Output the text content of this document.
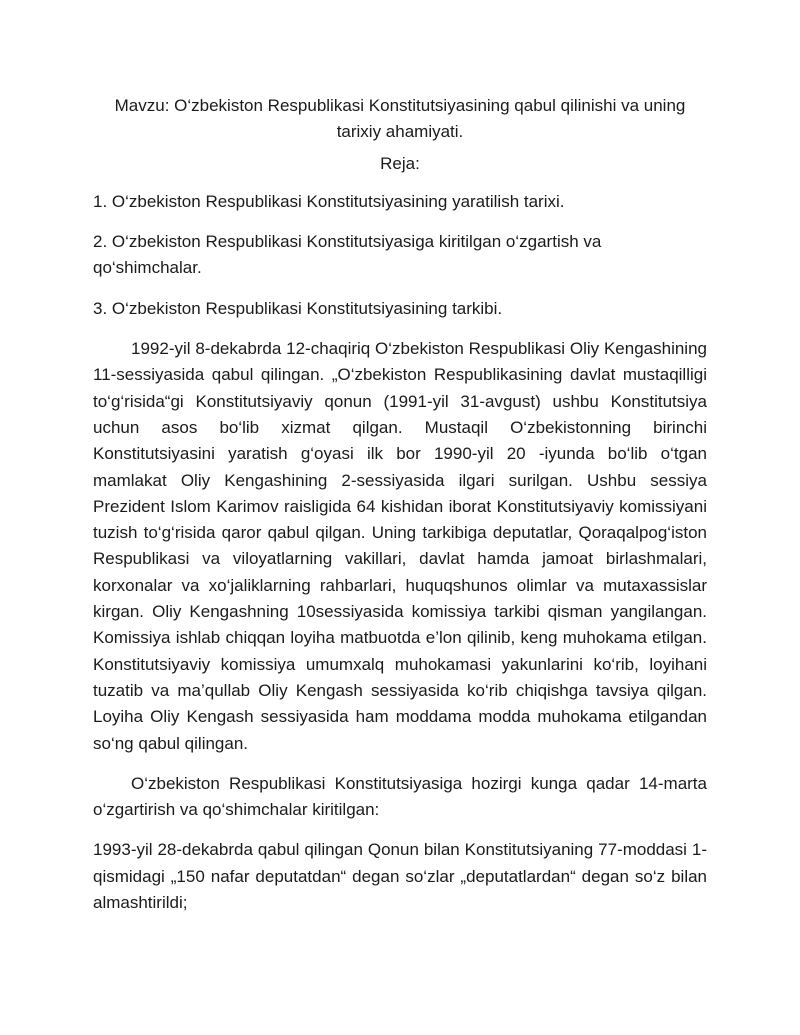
Mavzu: O‘zbekiston Respublikasi Konstitutsiyasining qabul qilinishi va uning tarixiy ahamiyati.
Reja:
1. O‘zbekiston Respublikasi Konstitutsiyasining yaratilish tarixi.
2. O‘zbekiston Respublikasi Konstitutsiyasiga kiritilgan o‘zgartish va qo‘shimchalar.
3. O‘zbekiston Respublikasi Konstitutsiyasining tarkibi.

1992-yil 8-dekabrda 12-chaqiriq O‘zbekiston Respublikasi Oliy Kengashining 11-sessiyasida qabul qilingan. „O‘zbekiston Respublikasining davlat mustaqilligi to‘g‘risida“gi Konstitutsiyaviy qonun (1991-yil 31-avgust) ushbu Konstitutsiya uchun asos bo‘lib xizmat qilgan. Mustaqil O‘zbekistonning birinchi Konstitutsiyasini yaratish g‘oyasi ilk bor 1990-yil 20 -iyunda bo‘lib o‘tgan mamlakat Oliy Kengashining 2-sessiyasida ilgari surilgan. Ushbu sessiya Prezident Islom Karimov raisligida 64 kishidan iborat Konstitutsiyaviy komissiyani tuzish to‘g‘risida qaror qabul qilgan. Uning tarkibiga deputatlar, Qoraqalpog‘iston Respublikasi va viloyatlarning vakillari, davlat hamda jamoat birlashmalari, korxonalar va xo‘jaliklarning rahbarlari, huquqshunos olimlar va mutaxassislar kirgan. Oliy Kengashning 10sessiyasida komissiya tarkibi qisman yangilangan. Komissiya ishlab chiqqan loyiha matbuotda e’lon qilinib, keng muhokama etilgan. Konstitutsiyaviy komissiya umumxalq muhokamasi yakunlarini ko‘rib, loyihani tuzatib va ma’qullab Oliy Kengash sessiyasida ko‘rib chiqishga tavsiya qilgan. Loyiha Oliy Kengash sessiyasida ham moddama modda muhokama etilgandan so‘ng qabul qilingan.

O‘zbekiston Respublikasi Konstitutsiyasiga hozirgi kunga qadar 14-marta o‘zgartirish va qo‘shimchalar kiritilgan:

1993-yil 28-dekabrda qabul qilingan Qonun bilan Konstitutsiyaning 77-moddasi 1-qismidagi „150 nafar deputatdan“ degan so‘zlar „deputatlardan“ degan so‘z bilan almashtirildi;
